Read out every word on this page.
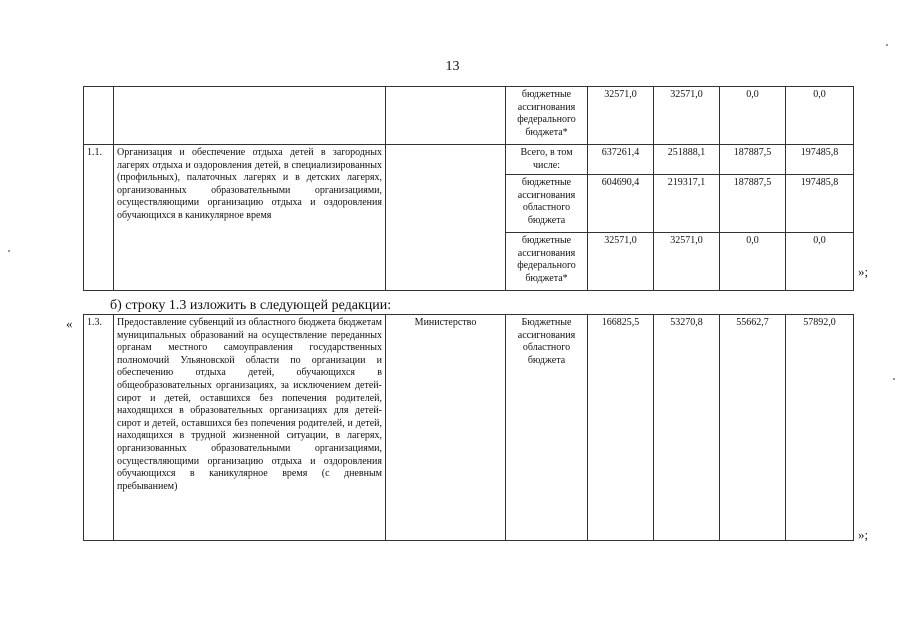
13
			бюджетные ассигнования федерального бюджета*	32571,0	32571,0	0,0	0,0
1.1.	Организация и обеспечение отдыха детей в загородных лагерях отдыха и оздоровления детей, в специализированных (профильных), палаточных лагерях и в детских лагерях, организованных образовательными организациями, осуществляющими организацию отдыха и оздоровления обучающихся в каникулярное время		Всего, в том числе:	637261,4	251888,1	187887,5	197485,8
			бюджетные ассигнования областного бюджета	604690,4	219317,1	187887,5	197485,8
			бюджетные ассигнования федерального бюджета*	32571,0	32571,0	0,0	0,0
»;
б) строку 1.3 изложить в следующей редакции:
« 1.3.	Предоставление субвенций из областного бюджета бюджетам муниципальных образований на осуществление переданных органам местного самоуправления государственных полномочий Ульяновской области по организации и обеспечению отдыха детей, обучающихся в общеобразовательных организациях, за исключением детей-сирот и детей, оставшихся без попечения родителей, находящихся в образовательных организациях для детей-сирот и детей, оставшихся без попечения родителей, и детей, находящихся в трудной жизненной ситуации, в лагерях, организованных образовательными организациями, осуществляющими организацию отдыха и оздоровления обучающихся в каникулярное время (с дневным пребыванием)	Министерство	Бюджетные ассигнования областного бюджета	166825,5	53270,8	55662,7	57892,0
»;
